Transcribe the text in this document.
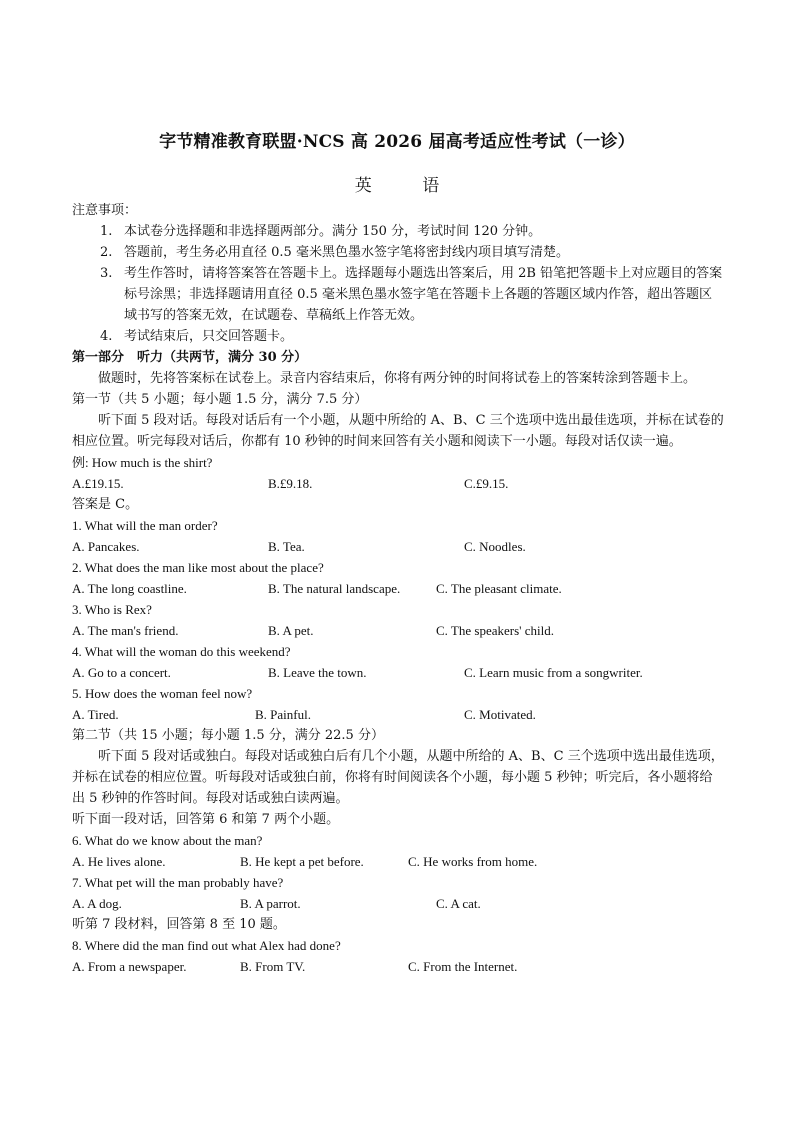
字节精准教育联盟·NCS 高 2026 届高考适应性考试（一诊）
英	语
注意事项：
1. 本试卷分选择题和非选择题两部分。满分 150 分，考试时间 120 分钟。
2. 答题前，考生务必用直径 0.5 毫米黑色墨水签字笔将密封线内项目填写清楚。
3. 考生作答时，请将答案答在答题卡上。选择题每小题选出答案后，用 2B 铅笔把答题卡上对应题目的答案标号涂黑；非选择题请用直径 0.5 毫米黑色墨水签字笔在答题卡上各题的答题区域内作答，超出答题区域书写的答案无效，在试题卷、草稿纸上作答无效。
4. 考试结束后，只交回答题卡。
第一部分　听力（共两节，满分 30 分）
做题时，先将答案标在试卷上。录音内容结束后，你将有两分钟的时间将试卷上的答案转涂到答题卡上。
第一节（共 5 小题；每小题 1.5 分，满分 7.5 分）
听下面 5 段对话。每段对话后有一个小题，从题中所给的 A、B、C 三个选项中选出最佳选项，并标在试卷的相应位置。听完每段对话后，你都有 10 秒钟的时间来回答有关小题和阅读下一小题。每段对话仅读一遍。
例: How much is the shirt?
A.£19.15.	B.£9.18.	C.£9.15.
答案是 C。
1. What will the man order?
A. Pancakes.	B. Tea.	C. Noodles.
2. What does the man like most about the place?
A. The long coastline.	B. The natural landscape.	C. The pleasant climate.
3. Who is Rex?
A. The man's friend.	B. A pet.	C. The speakers' child.
4. What will the woman do this weekend?
A. Go to a concert.	B. Leave the town.	C. Learn music from a songwriter.
5. How does the woman feel now?
A. Tired.	B. Painful.	C. Motivated.
第二节（共 15 小题；每小题 1.5 分，满分 22.5 分）
听下面 5 段对话或独白。每段对话或独白后有几个小题，从题中所给的 A、B、C 三个选项中选出最佳选项，并标在试卷的相应位置。听每段对话或独白前，你将有时间阅读各个小题，每小题 5 秒钟；听完后，各小题将给出 5 秒钟的作答时间。每段对话或独白读两遍。
听下面一段对话，回答第 6 和第 7 两个小题。
6. What do we know about the man?
A. He lives alone.	B. He kept a pet before.	C. He works from home.
7. What pet will the man probably have?
A. A dog.	B. A parrot.	C. A cat.
听第 7 段材料，回答第 8 至 10 题。
8. Where did the man find out what Alex had done?
A. From a newspaper.	B. From TV.	C. From the Internet.
